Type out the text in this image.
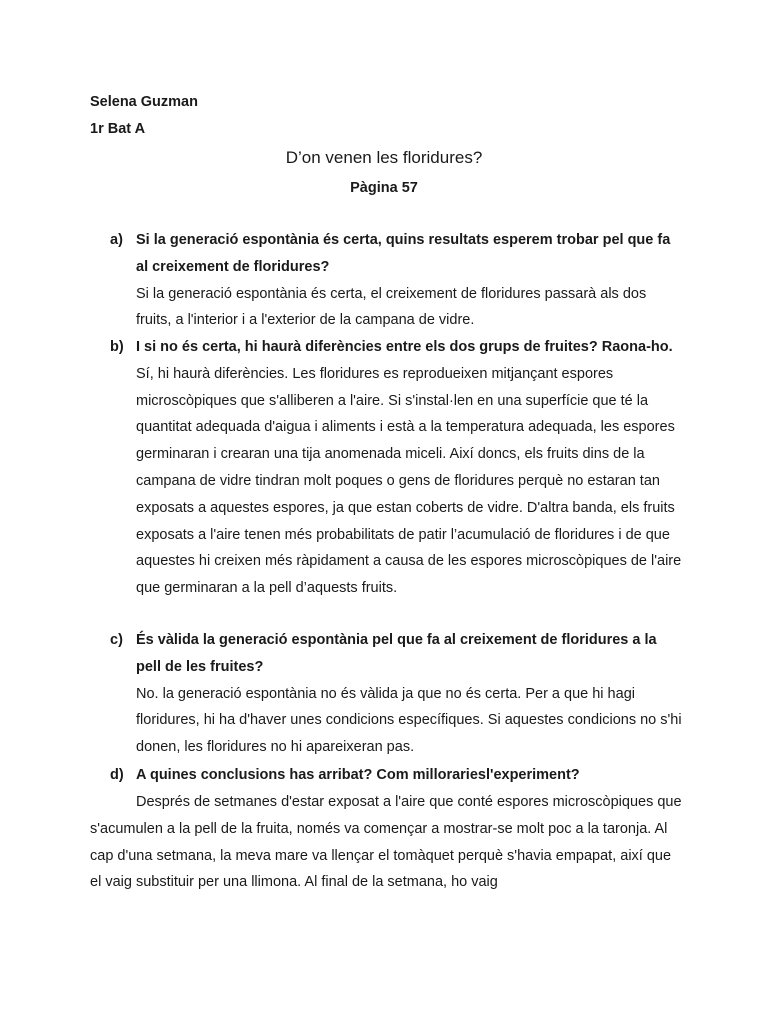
Selena Guzman
1r Bat A
D’on venen les floridures?
Pàgina 57
a) Si la generació espontània és certa, quins resultats esperem trobar pel que fa al creixement de floridures?

Si la generació espontània és certa, el creixement de floridures passarà als dos fruits, a l'interior i a l'exterior de la campana de vidre.

b) I si no és certa, hi haurà diferències entre els dos grups de fruites? Raona-ho.

Sí, hi haurà diferències. Les floridures es reprodueixen mitjançant espores microscòpiques que s'alliberen a l'aire. Si s'instal·len en una superfície que té la quantitat adequada d'aigua i aliments i està a la temperatura adequada, les espores germinaran i crearan una tija anomenada miceli. Així doncs, els fruits dins de la campana de vidre tindran molt poques o gens de floridures perquè no estaran tan exposats a aquestes espores, ja que estan coberts de vidre. D'altra banda, els fruits exposats a l'aire tenen més probabilitats de patir l’acumulació de floridures i de que aquestes hi creixen més ràpidament a causa de les espores microscòpiques de l'aire que germinaran a la pell d’aquests fruits.

c) És vàlida la generació espontània pel que fa al creixement de floridures a la pell de les fruites?

No. la generació espontània no és vàlida ja que no és certa. Per a que hi hagi floridures, hi ha d'haver unes condicions específiques. Si aquestes condicions no s'hi donen, les floridures no hi apareixeran pas.

d) A quines conclusions has arribat? Com millorariesl'experiment?

Després de setmanes d'estar exposat a l'aire que conté espores microscòpiques que s'acumulen a la pell de la fruita, només va començar a mostrar-se molt poc a la taronja. Al cap d'una setmana, la meva mare va llençar el tomàquet perquè s'havia empapat, així que el vaig substituir per una llimona. Al final de la setmana, ho vaig
